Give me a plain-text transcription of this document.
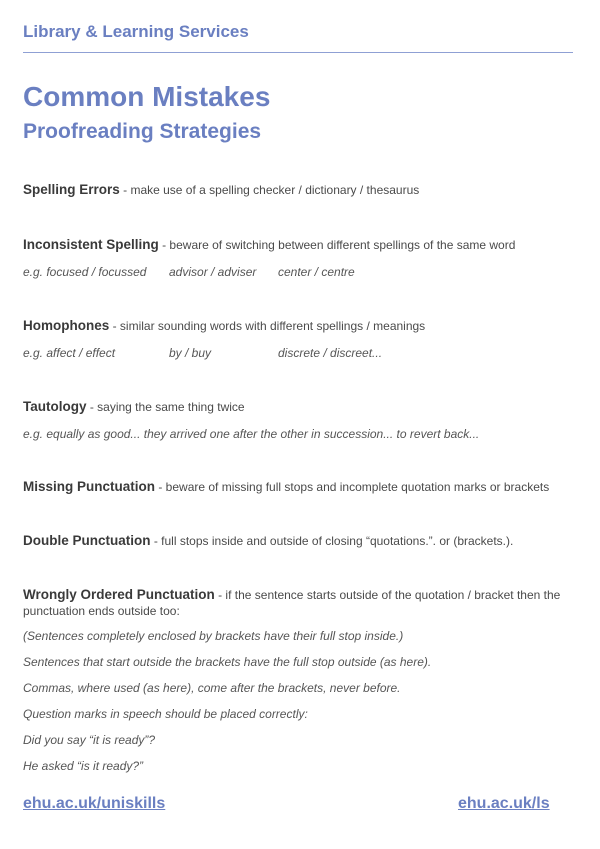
Library & Learning Services
Common Mistakes
Proofreading Strategies
Spelling Errors - make use of a spelling checker / dictionary / thesaurus
Inconsistent Spelling - beware of switching between different spellings of the same word
e.g. focused / focussed advisor / adviser center / centre
Homophones - similar sounding words with different spellings / meanings
e.g. affect / effect	by / buy	discrete / discreet...
Tautology - saying the same thing twice
e.g. equally as good... they arrived one after the other in succession... to revert back...
Missing Punctuation - beware of missing full stops and incomplete quotation marks or brackets
Double Punctuation - full stops inside and outside of closing “quotations.”. or (brackets.).
Wrongly Ordered Punctuation - if the sentence starts outside of the quotation / bracket then the punctuation ends outside too:
(Sentences completely enclosed by brackets have their full stop inside.)
Sentences that start outside the brackets have the full stop outside (as here).
Commas, where used (as here), come after the brackets, never before.
Question marks in speech should be placed correctly:
Did you say “it is ready”?
He asked “is it ready?”
ehu.ac.uk/uniskills	ehu.ac.uk/ls
